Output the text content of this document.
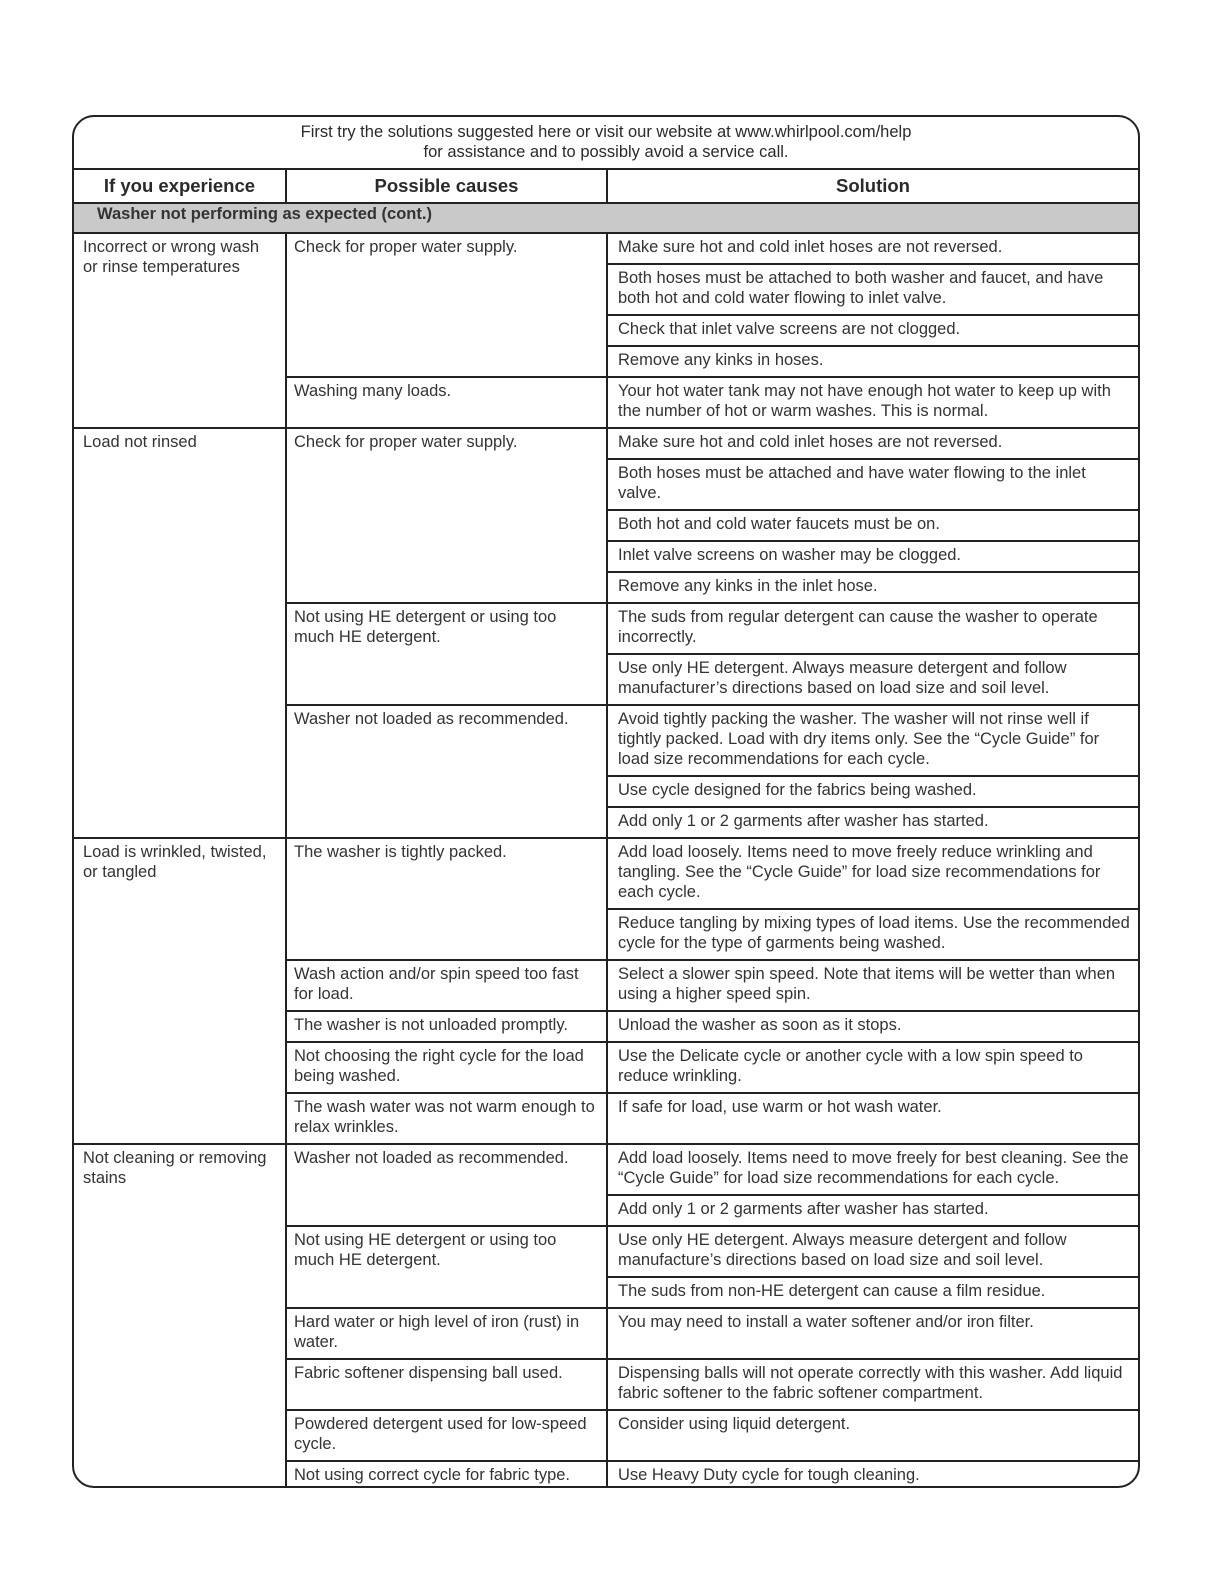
First try the solutions suggested here or visit our website at www.whirlpool.com/help
for assistance and to possibly avoid a service call.
If you experience	Possible causes	Solution
Washer not performing as expected (cont.)		
Incorrect or wrong wash or rinse temperatures	Check for proper water supply.	Make sure hot and cold inlet hoses are not reversed.
		Both hoses must be attached to both washer and faucet, and have both hot and cold water flowing to inlet valve.
		Check that inlet valve screens are not clogged.
		Remove any kinks in hoses.
	Washing many loads.	Your hot water tank may not have enough hot water to keep up with the number of hot or warm washes. This is normal.
Load not rinsed	Check for proper water supply.	Make sure hot and cold inlet hoses are not reversed.
		Both hoses must be attached and have water flowing to the inlet valve.
		Both hot and cold water faucets must be on.
		Inlet valve screens on washer may be clogged.
		Remove any kinks in the inlet hose.
	Not using HE detergent or using too much HE detergent.	The suds from regular detergent can cause the washer to operate incorrectly.
		Use only HE detergent. Always measure detergent and follow manufacturer’s directions based on load size and soil level.
	Washer not loaded as recommended.	Avoid tightly packing the washer. The washer will not rinse well if tightly packed. Load with dry items only. See the “Cycle Guide” for load size recommendations for each cycle.
		Use cycle designed for the fabrics being washed.
		Add only 1 or 2 garments after washer has started.
Load is wrinkled, twisted, or tangled	The washer is tightly packed.	Add load loosely. Items need to move freely reduce wrinkling and tangling. See the “Cycle Guide” for load size recommendations for each cycle.
		Reduce tangling by mixing types of load items. Use the recommended cycle for the type of garments being washed.
	Wash action and/or spin speed too fast for load.	Select a slower spin speed. Note that items will be wetter than when using a higher speed spin.
	The washer is not unloaded promptly.	Unload the washer as soon as it stops.
	Not choosing the right cycle for the load being washed.	Use the Delicate cycle or another cycle with a low spin speed to reduce wrinkling.
	The wash water was not warm enough to relax wrinkles.	If safe for load, use warm or hot wash water.
Not cleaning or removing stains	Washer not loaded as recommended.	Add load loosely. Items need to move freely for best cleaning. See the “Cycle Guide” for load size recommendations for each cycle.
		Add only 1 or 2 garments after washer has started.
	Not using HE detergent or using too much HE detergent.	Use only HE detergent. Always measure detergent and follow manufacture’s directions based on load size and soil level.
		The suds from non-HE detergent can cause a film residue.
	Hard water or high level of iron (rust) in water.	You may need to install a water softener and/or iron filter.
	Fabric softener dispensing ball used.	Dispensing balls will not operate correctly with this washer. Add liquid fabric softener to the fabric softener compartment.
	Powdered detergent used for low-speed cycle.	Consider using liquid detergent.
	Not using correct cycle for fabric type.	Use Heavy Duty cycle for tough cleaning.
